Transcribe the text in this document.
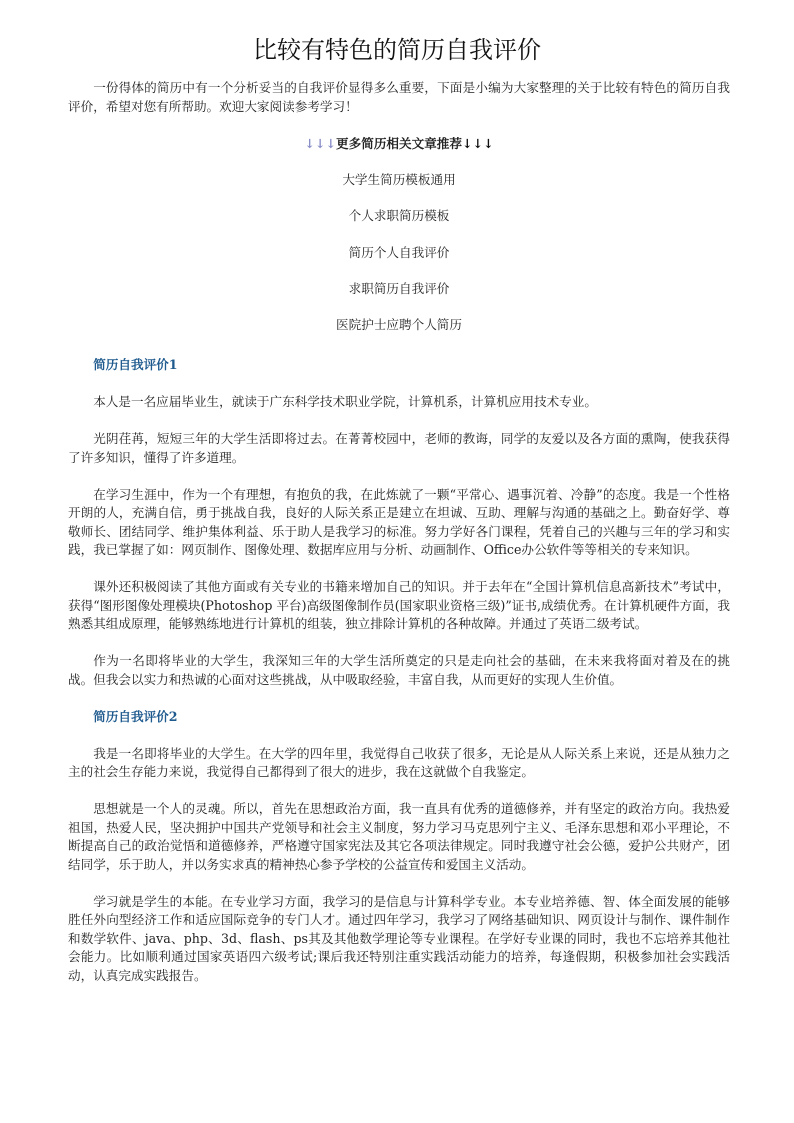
比较有特色的简历自我评价

一份得体的简历中有一个分析妥当的自我评价显得多么重要，下面是小编为大家整理的关于比较有特色的简历自我评价，希望对您有所帮助。欢迎大家阅读参考学习！

↓↓↓更多简历相关文章推荐↓↓↓
大学生简历模板通用
个人求职简历模板
简历个人自我评价
求职简历自我评价
医院护士应聘个人简历
简历自我评价1

本人是一名应届毕业生，就读于广东科学技术职业学院，计算机系，计算机应用技术专业。

光阴荏苒，短短三年的大学生活即将过去。在菁菁校园中，老师的教诲，同学的友爱以及各方面的熏陶，使我获得了许多知识，懂得了许多道理。

在学习生涯中，作为一个有理想，有抱负的我，在此炼就了一颗“平常心、遇事沉着、冷静”的态度。我是一个性格开朗的人，充满自信，勇于挑战自我，良好的人际关系正是建立在坦诚、互助、理解与沟通的基础之上。勤奋好学、尊敬师长、团结同学、维护集体利益、乐于助人是我学习的标准。努力学好各门课程，凭着自己的兴趣与三年的学习和实践，我已掌握了如：网页制作、图像处理、数据库应用与分析、动画制作、Office办公软件等等相关的专来知识。

课外还积极阅读了其他方面或有关专业的书籍来增加自己的知识。并于去年在“全国计算机信息高新技术”考试中，获得“图形图像处理模块(Photoshop 平台)高级图像制作员(国家职业资格三级)”证书,成绩优秀。在计算机硬件方面，我熟悉其组成原理，能够熟练地进行计算机的组装，独立排除计算机的各种故障。并通过了英语二级考试。

作为一名即将毕业的大学生，我深知三年的大学生活所奠定的只是走向社会的基础，在未来我将面对着及在的挑战。但我会以实力和热诚的心面对这些挑战，从中吸取经验，丰富自我，从而更好的实现人生价值。

简历自我评价2

我是一名即将毕业的大学生。在大学的四年里，我觉得自己收获了很多，无论是从人际关系上来说，还是从独力之主的社会生存能力来说，我觉得自己都得到了很大的进步，我在这就做个自我鉴定。

思想就是一个人的灵魂。所以，首先在思想政治方面，我一直具有优秀的道德修养，并有坚定的政治方向。我热爱祖国，热爱人民，坚决拥护中国共产党领导和社会主义制度，努力学习马克思列宁主义、毛泽东思想和邓小平理论，不断提高自己的政治觉悟和道德修养，严格遵守国家宪法及其它各项法律规定。同时我遵守社会公德，爱护公共财产，团结同学，乐于助人，并以务实求真的精神热心参予学校的公益宣传和爱国主义活动。

学习就是学生的本能。在专业学习方面，我学习的是信息与计算科学专业。本专业培养德、智、体全面发展的能够胜任外向型经济工作和适应国际竞争的专门人才。通过四年学习，我学习了网络基础知识、网页设计与制作、课件制作和数学软件、java、php、3d、flash、ps其及其他数学理论等专业课程。在学好专业课的同时，我也不忘培养其他社会能力。比如顺利通过国家英语四六级考试;课后我还特别注重实践活动能力的培养，每逢假期，积极参加社会实践活动，认真完成实践报告。
